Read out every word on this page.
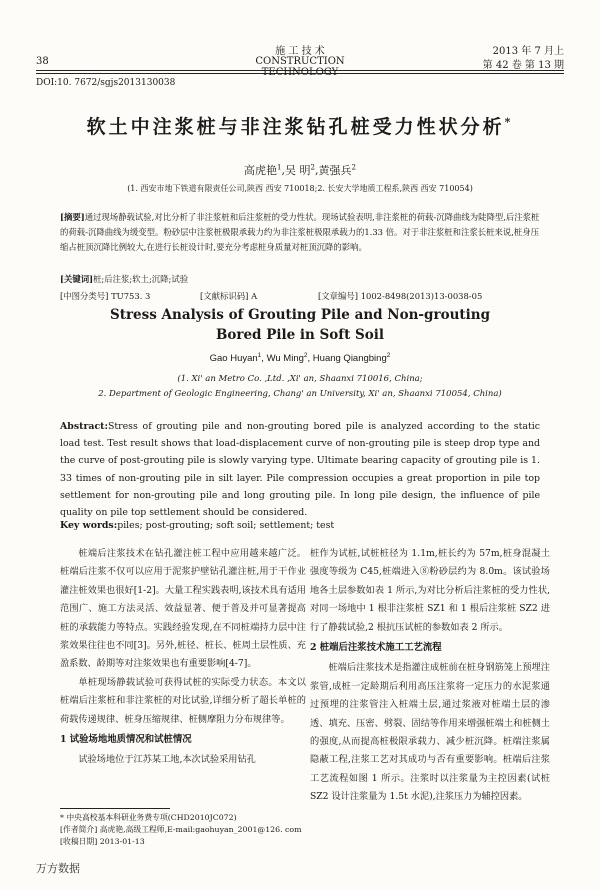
施 工 技 术
CONSTRUCTION TECHNOLOGY
2013 年 7 月上
第 42 卷 第 13 期
38
DOI:10. 7672/sgjs2013130038
软土中注浆桩与非注浆钻孔桩受力性状分析*
高虎艳$^1$,吴 明$^2$,黄强兵$^2$
(1. 西安市地下铁道有限责任公司,陕西 西安 710018;2. 长安大学地质工程系,陕西 西安 710054)
[摘要]通过现场静载试验,对比分析了非注浆桩和后注浆桩的受力性状。现场试验表明,非注浆桩的荷载-沉降曲线为陡降型,后注浆桩的荷载-沉降曲线为缓变型。粉砂层中注浆桩极限承载力约为非注浆桩极限承载力的1.33 倍。对于非注浆桩和注浆长桩来说,桩身压缩占桩顶沉降比例较大,在进行长桩设计时,要充分考虑桩身质量对桩顶沉降的影响。
[关键词]桩;后注浆;软土;沉降;试验
[中图分类号] TU753. 3	[文献标识码] A	[文章编号] 1002-8498(2013)13-0038-05
Stress Analysis of Grouting Pile and Non-grouting
Bored Pile in Soft Soil
Gao Huyan$^1$, Wu Ming$^2$, Huang Qiangbing$^2$
(1. Xi' an Metro Co. ,Ltd. ,Xi' an, Shaanxi 710016, China;
2. Department of Geologic Engineering, Chang' an University, Xi' an, Shaanxi 710054, China)
Abstract:Stress of grouting pile and non-grouting bored pile is analyzed according to the static load test. Test result shows that load-displacement curve of non-grouting pile is steep drop type and the curve of post-grouting pile is slowly varying type. Ultimate bearing capacity of grouting pile is 1. 33 times of non-grouting pile in silt layer. Pile compression occupies a great proportion in pile top settlement for non-grouting pile and long grouting pile. In long pile design, the influence of pile quality on pile top settlement should be considered.
Key words:piles; post-grouting; soft soil; settlement; test

桩端后注浆技术在钻孔灌注桩工程中应用越来越广泛。桩端后注浆不仅可以应用于泥浆护壁钻孔灌注桩,用于干作业灌注桩效果也很好[1-2]。大量工程实践表明,该技术具有适用范围广、施工方法灵活、效益显著、便于普及并可显著提高桩的承载能力等特点。实践经验发现,在不同桩端持力层中注浆效果往往也不同[3]。另外,桩径、桩长、桩周土层性质、充盈系数、龄期等对注浆效果也有重要影响[4-7]。

单桩现场静载试验可获得试桩的实际受力状态。本文以桩端后注浆桩和非注浆桩的对比试验,详细分析了超长单桩的荷载传递规律、桩身压缩规律、桩侧摩阻力分布规律等。

1 试验场地地质情况和试桩情况

试验场地位于江苏某工地,本次试验采用钻孔

桩作为试桩,试桩桩径为 1.1m,桩长约为 57m,桩身混凝土强度等级为 C45,桩端进入⑧粉砂层约为 8.0m。该试验场地各土层参数如表 1 所示,为对比分析后注浆桩的受力性状,对同一场地中 1 根非注浆桩 SZ1 和 1 根后注浆桩 SZ2 进行了静载试验,2 根抗压试桩的参数如表 2 所示。

2 桩端后注浆技术施工工艺流程

桩端后注浆技术是指灌注成桩前在桩身钢筋笼上预埋注浆管,成桩一定龄期后利用高压注浆将一定压力的水泥浆通过预埋的注浆管注入桩端土层,通过浆液对桩端土层的渗透、填充、压密、劈裂、固结等作用来增强桩端土和桩侧土的强度,从而提高桩极限承载力、减少桩沉降。桩端注浆属隐蔽工程,注浆工艺对其成功与否有重要影响。桩端后注浆工艺流程如图 1 所示。注浆时以注浆量为主控因素(试桩 SZ2 设计注浆量为 1.5t 水泥),注浆压力为辅控因素。

* 中央高校基本科研业务费专项(CHD2010JC072)
[作者简介] 高虎艳,高级工程师,E-mail:gaohuyan_2001@126. com
[收稿日期] 2013-01-13
万方数据
